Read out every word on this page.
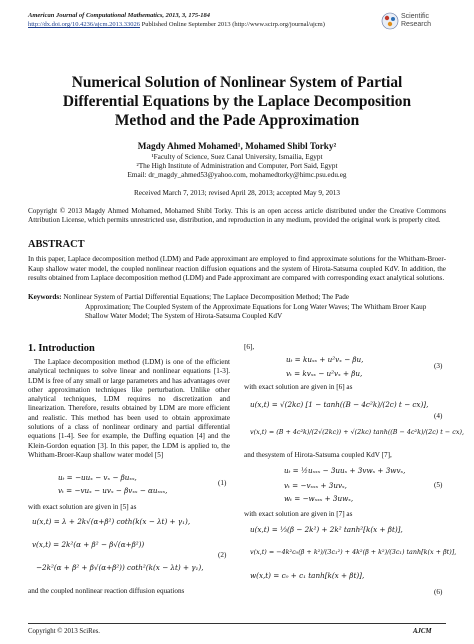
American Journal of Computational Mathematics, 2013, 3, 175-184
http://dx.doi.org/10.4236/ajcm.2013.33026 Published Online September 2013 (http://www.scirp.org/journal/ajcm)
Scientific
Research
Numerical Solution of Nonlinear System of Partial
Differential Equations by the Laplace Decomposition
Method and the Pade Approximation
Magdy Ahmed Mohamed¹, Mohamed Shibl Torky²
¹Faculty of Science, Suez Canal University, Ismailia, Egypt
²The High Institute of Administration and Computer, Port Said, Egypt
Email: dr_magdy_ahmed53@yahoo.com, mohamedtorky@himc.psu.edu.eg
Received March 7, 2013; revised April 28, 2013; accepted May 9, 2013
Copyright © 2013 Magdy Ahmed Mohamed, Mohamed Shibl Torky. This is an open access article distributed under the Creative Commons Attribution License, which permits unrestricted use, distribution, and reproduction in any medium, provided the original work is properly cited.
ABSTRACT
In this paper, Laplace decomposition method (LDM) and Pade approximant are employed to find approximate solutions for the Whitham-Broer-Kaup shallow water model, the coupled nonlinear reaction diffusion equations and the system of Hirota-Satsuma coupled KdV. In addition, the results obtained from Laplace decomposition method (LDM) and Pade approximant are compared with corresponding exact analytical solutions.
Keywords: Nonlinear System of Partial Differential Equations; The Laplace Decomposition Method; The Pade
Approximation; The Coupled System of the Approximate Equations for Long Water Waves; The Whitham Broer Kaup Shallow Water Model; The System of Hirota-Satsuma Coupled KdV
1. Introduction

The Laplace decomposition method (LDM) is one of the efficient analytical techniques to solve linear and nonlinear equations [1-3]. LDM is free of any small or large parameters and has advantages over other approximation techniques like perturbation. Unlike other analytical techniques, LDM requires no discretization and linearization. Therefore, results obtained by LDM are more efficient and realistic. This method has been used to obtain approximate solutions of a class of nonlinear ordinary and partial differential equations [1-4]. See for example, the Duffing equation [4] and the Klein-Gordon equation [3]. In this paper, the LDM is applied to, the Whitham-Broer-Kaup shallow water model [5]

uₜ = −uuₓ − vₓ − βuₓₓ,
vₜ = −vuₓ − uvₓ − βvₓₓ − αuₓₓₓ,
(1)
with exact solution are given in [5] as
u(x,t) = λ + 2k√(α+β²) coth(k(x − λt) + γ₁),
v(x,t) = 2k²(α + β² − β√(α+β²))
(2)
−2k²(α + β² + β√(α+β²)) coth²(k(x − λt) + γ₁),
and the coupled nonlinear reaction diffusion equations
[6],
uₜ = kuₓₓ + u²vₓ − βu,
vₜ = kvₓₓ − u²vₓ + βu,
(3)
with exact solution are given in [6] as
u(x,t) = √(2kc) [1 − tanh((B − 4c²k)/(2c) t − cx)],
(4)
v(x,t) = (B + 4c²k)/(2√(2kc)) + √(2kc) tanh((B − 4c²k)/(2c) t − cx),
and thesystem of Hirota-Satsuma coupled KdV [7],
uₜ = ½uₓₓₓ − 3uuₓ + 3vwₓ + 3wvₓ,
vₜ = −vₓₓₓ + 3uvₓ,
wₜ = −wₓₓₓ + 3uwₓ,
(5)
with exact solution are given in [7] as
u(x,t) = ⅓(β − 2k²) + 2k² tanh²[k(x + βt)],
v(x,t) = −4k²c₀(β + k²)/(3c₁²) + 4k²(β + k²)/(3c₁) tanh[k(x + βt)],
w(x,t) = c₀ + c₁ tanh[k(x + βt)],
(6)
Copyright © 2013 SciRes.	AJCM
